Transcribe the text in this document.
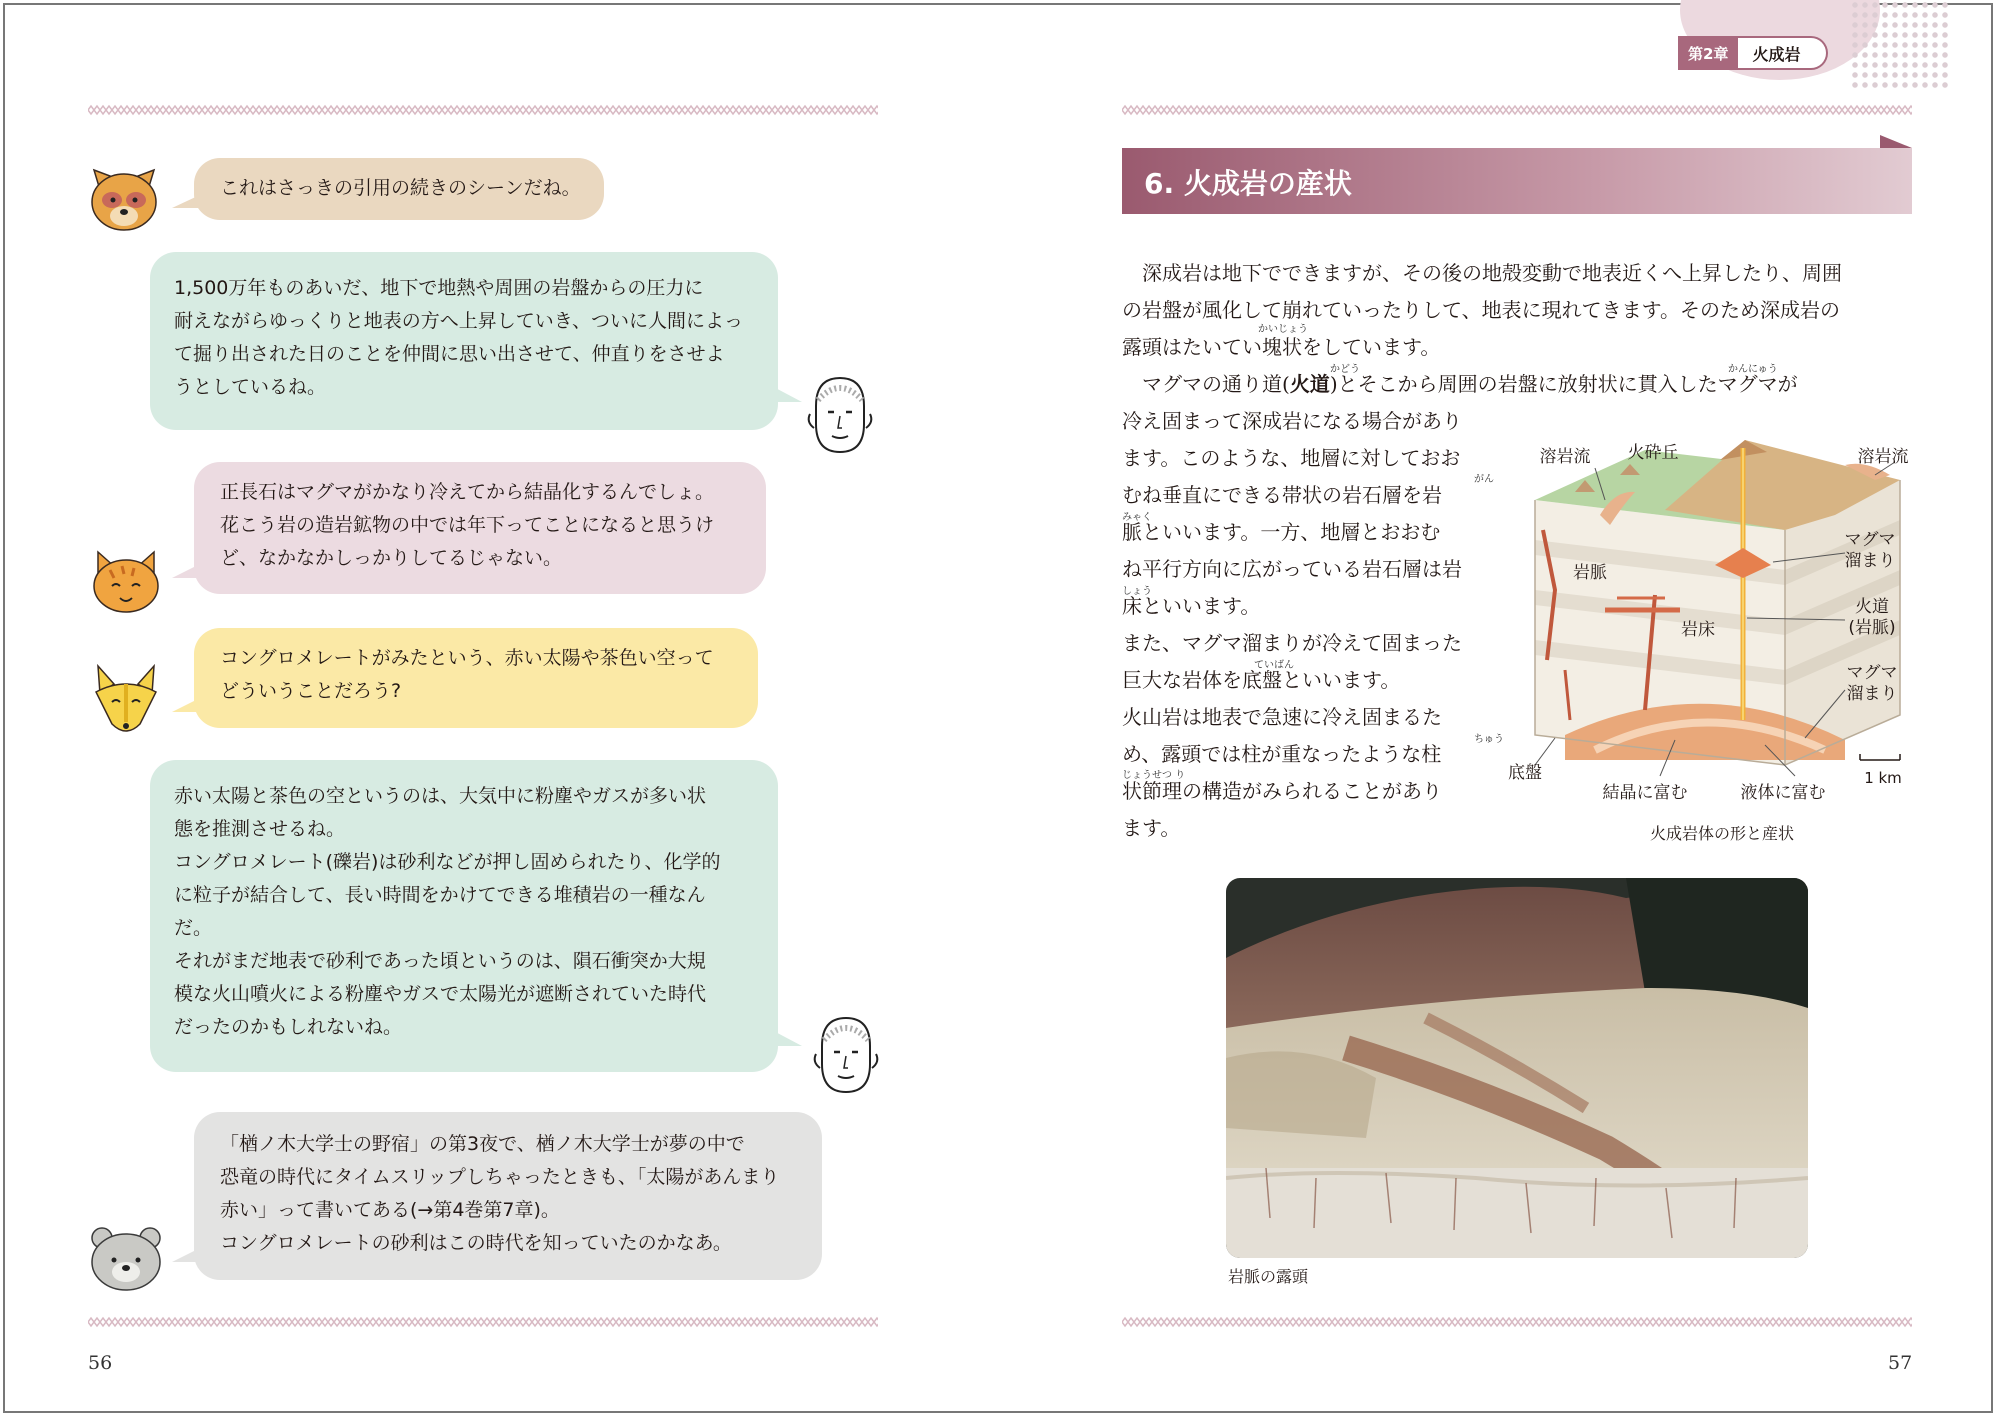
第2章	火成岩
これはさっきの引用の続きのシーンだね。
1,500万年ものあいだ、地下で地熱や周囲の岩盤からの圧力に
耐えながらゆっくりと地表の方へ上昇していき、ついに人間によっ
て掘り出された日のことを仲間に思い出させて、仲直りをさせよ
うとしているね。
正長石はマグマがかなり冷えてから結晶化するんでしょ。
花こう岩の造岩鉱物の中では年下ってことになると思うけ
ど、なかなかしっかりしてるじゃない。
コングロメレートがみたという、赤い太陽や茶色い空って
どういうことだろう?
赤い太陽と茶色の空というのは、大気中に粉塵やガスが多い状
態を推測させるね。
コングロメレート(礫岩)は砂利などが押し固められたり、化学的
に粒子が結合して、長い時間をかけてできる堆積岩の一種なん
だ。
それがまだ地表で砂利であった頃というのは、隕石衝突か大規
模な火山噴火による粉塵やガスで太陽光が遮断されていた時代
だったのかもしれないね。
「楢ノ木大学士の野宿」の第3夜で、楢ノ木大学士が夢の中で
恐竜の時代にタイムスリップしちゃったときも、「太陽があんまり
赤い」って書いてある(→第4巻第7章)。
コングロメレートの砂利はこの時代を知っていたのかなあ。
56
6. 火成岩の産状
　深成岩は地下でできますが、その後の地殻変動で地表近くへ上昇したり、周囲
の岩盤が風化して崩れていったりして、地表に現れてきます。そのため深成岩の
露頭はたいてい塊状をしています。
かいじょう
　マグマの通り道(火道)とそこから周囲の岩盤に放射状に貫入したマグマが
かどう	かんにゅう
冷え固まって深成岩になる場合があり
ます。このような、地層に対しておお
むね垂直にできる帯状の岩石層を岩
脈といいます。一方、地層とおおむ
ね平行方向に広がっている岩石層は岩
床といいます。
また、マグマ溜まりが冷えて固まった
巨大な岩体を底盤といいます。
火山岩は地表で急速に冷え固まるた
め、露頭では柱が重なったような柱
状節理の構造がみられることがあり
ます。
がん
みゃく
しょう
ていばん
ちゅう
じょうせつ り
溶岩流 火砕丘	溶岩流
マグマ
溜まり
岩脈
火道
(岩脈)
岩床
マグマ
溜まり
底盤
結晶に富む	液体に富む
1 km
火成岩体の形と産状
岩脈の露頭
57
